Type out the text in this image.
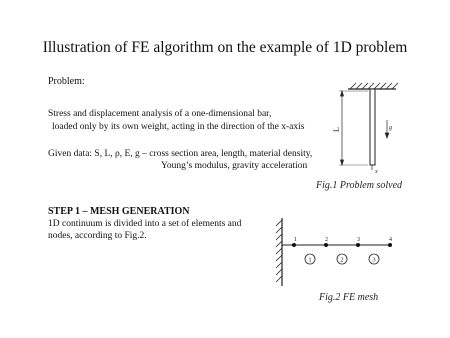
Illustration of FE algorithm on the example of 1D problem
Problem:
Stress and displacement analysis of a one-dimensional bar,
loaded only by its own weight, acting in the direction of the x-axis
Given data: S, L, ρ, E, g – cross section area, length, material density,
Young’s modulus, gravity acceleration
STEP 1 – MESH GENERATION
1D continuum is divided into a set of elements and
nodes, according to Fig.2.
L	g
x
Fig.1 Problem solved
1	2	3	4
1	2	3
Fig.2 FE mesh
